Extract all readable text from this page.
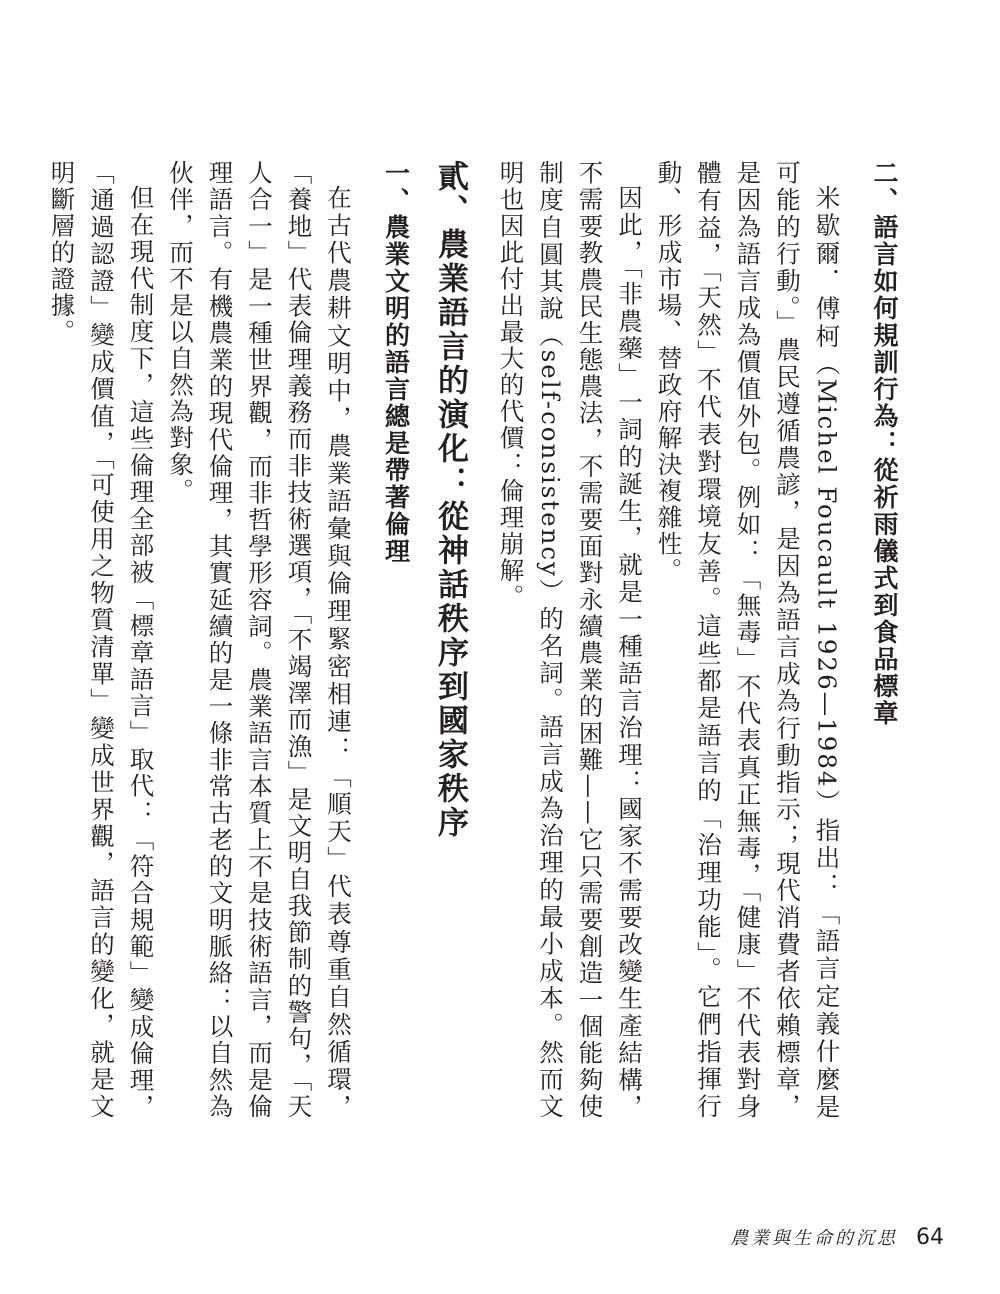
二、語言如何規訓行為：從祈雨儀式到食品標章

米歇爾．傅柯（Michel Foucault 1926—1984）指出：「語言定義什麼是可能的行動。」農民遵循農諺，是因為語言成為行動指示；現代消費者依賴標章，是因為語言成為價值外包。例如：「無毒」不代表真正無毒，「健康」不代表對身體有益，「天然」不代表對環境友善。這些都是語言的「治理功能」。它們指揮行動、形成市場、替政府解決複雜性。

因此，「非農藥」一詞的誕生，就是一種語言治理：國家不需要改變生產結構，不需要教農民生態農法，不需要面對永續農業的困難——它只需要創造一個能夠使制度自圓其說（self-consistency）的名詞。語言成為治理的最小成本。然而文明也因此付出最大的代價：倫理崩解。

貳、農業語言的演化：從神話秩序到國家秩序

一、農業文明的語言總是帶著倫理

在古代農耕文明中，農業語彙與倫理緊密相連：「順天」代表尊重自然循環，「養地」代表倫理義務而非技術選項，「不竭澤而漁」是文明自我節制的警句，「天人合一」是一種世界觀，而非哲學形容詞。農業語言本質上不是技術語言，而是倫理語言。有機農業的現代倫理，其實延續的是一條非常古老的文明脈絡：以自然為伙伴，而不是以自然為對象。

但在現代制度下，這些倫理全部被「標章語言」取代：「符合規範」變成倫理，「通過認證」變成價值，「可使用之物質清單」變成世界觀，語言的變化，就是文明斷層的證據。

農業與生命的沉思 64
